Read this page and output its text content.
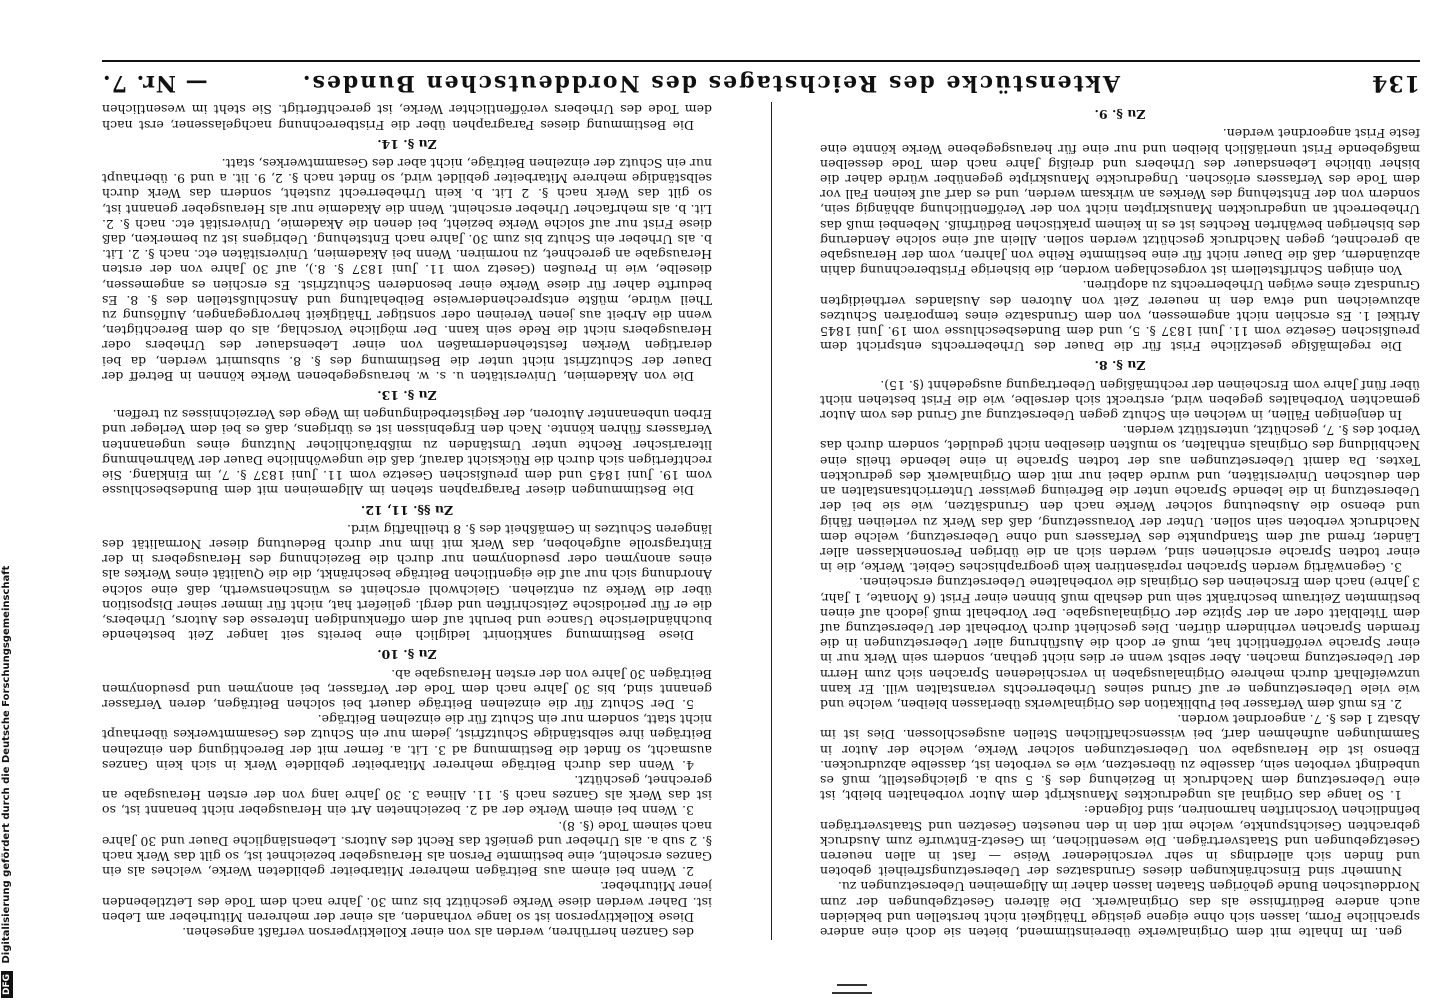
134
Aktenstücke des Reichstages des Norddeutschen Bundes.
— Nr. 7.

gen. Im Inhalte mit dem Originalwerke übereinstimmend, bieten sie doch eine andere sprachliche Form, lassen sich ohne eigene geistige Thätigkeit nicht herstellen und bekleiden auch andere Bedürfnisse als das Originalwerk. Die älteren Gesetzgebungen der zum Norddeutschen Bunde gehörigen Staaten lassen daher im Allgemeinen Uebersetzungen zu.

Nunmehr sind Einschränkungen dieses Grundsatzes der Uebersetzungsfreiheit geboten und finden sich allerdings in sehr verschiedener Weise — fast in allen neueren Gesetzgebungen und Staatsverträgen. Die wesentlichen, im Gesetz-Entwurfe zum Ausdruck gebrachten Gesichtspunkte, welche mit den in den neuesten Gesetzen und Staatsverträgen befindlichen Vorschriften harmoniren, sind folgende:

1. So lange das Original als ungedrucktes Manuskript dem Autor vorbehalten bleibt, ist eine Uebersetzung dem Nachdruck in Beziehung des §. 5 sub a. gleichgestellt, muß es unbedingt verboten sein, dasselbe zu übersetzen, wie es verboten ist, dasselbe abzudrucken. Ebenso ist die Herausgabe von Uebersetzungen solcher Werke, welche der Autor in Sammlungen aufnehmen darf, bei wissenschaftlichen Stellen ausgeschlossen. Dies ist im Absatz 1 des §. 7. angeordnet worden.

2. Es muß dem Verfasser bei Publikation des Originalwerks überlassen bleiben, welche und wie viele Uebersetzungen er auf Grund seines Urheberrechts veranstalten will. Er kann unzweifelhaft durch mehrere Originalausgaben in verschiedenen Sprachen sich zum Herrn der Uebersetzung machen. Aber selbst wenn er dies nicht gethan, sondern sein Werk nur in einer Sprache veröffentlicht hat, muß er doch die Ausführung aller Uebersetzungen in die fremden Sprachen verhindern dürfen. Dies geschieht durch Vorbehalt der Uebersetzung auf dem Titelblatt oder an der Spitze der Originalausgabe. Der Vorbehalt muß jedoch auf einen bestimmten Zeitraum beschränkt sein und deshalb muß binnen einer Frist (6 Monate, 1 Jahr, 3 Jahre) nach dem Erscheinen des Originals die vorbehaltene Uebersetzung erscheinen.

3. Gegenwärtig werden Sprachen repräsentiren kein geographisches Gebiet. Werke, die in einer todten Sprache erschienen sind, werden sich an die übrigen Personenklassen aller Länder, fremd auf dem Standpunkte des Verfassers und ohne Uebersetzung, welche dem Nachdruck verboten sein sollen. Unter der Voraussetzung, daß das Werk zu verleihen fähig und ebenso die Ausbeutung solcher Werke nach den Grundsätzen, wie sie bei der Uebersetzung in die lebende Sprache unter die Befreiung gewisser Unterrichtsanstalten an den deutschen Universitäten, und wurde dabei nur mit dem Originalwerk des gedruckten Textes. Da damit Uebersetzungen aus der todten Sprache in eine lebende theils eine Nachbildung des Originals enthalten, so mußten dieselben nicht geduldet, sondern durch das Verbot des §. 7, geschützt, unterstützt werden.

In denjenigen Fällen, in welchen ein Schutz gegen Uebersetzung auf Grund des vom Autor gemachten Vorbehaltes gegeben wird, erstreckt sich derselbe, wie die Frist bestehen nicht über fünf Jahre vom Erscheinen der rechtmäßigen Uebertragung ausgedehnt (§. 15).

Zu §. 8.

Die regelmäßige gesetzliche Frist für die Dauer des Urheberrechts entspricht dem preußischen Gesetze vom 11. Juni 1837 §. 5, und dem Bundesbeschlusse vom 19. Juni 1845 Artikel 1. Es erschien nicht angemessen, von dem Grundsatze eines temporären Schutzes abzuweichen und etwa den in neuerer Zeit von Autoren des Auslandes vertheidigten Grundsatz eines ewigen Urheberrechts zu adoptiren.

Von einigen Schriftstellern ist vorgeschlagen worden, die bisherige Fristberechnung dahin abzuändern, daß die Dauer nicht für eine bestimmte Reihe von Jahren, vom der Herausgabe ab gerechnet, gegen Nachdruck geschützt werden sollen. Allein auf eine solche Aenderung des bisherigen bewährten Rechtes ist es in keinem praktischen Bedürfniß. Nebenbei muß das Urheberrecht an ungedruckten Manuskripten nicht von der Veröffentlichung abhängig sein, sondern von der Entstehung des Werkes an wirksam werden, und es darf auf keinen Fall vor dem Tode des Verfassers erlöschen. Ungedruckte Manuskripte gegenüber würde daher die bisher übliche Lebensdauer des Urhebers und dreißig Jahre nach dem Tode desselben maßgebende Frist unerläßlich bleiben und nur eine für herausgegebene Werke könnte eine feste Frist angeordnet werden.

Zu §. 9.

des Ganzen herrühren, werden als von einer Kollektivperson verfaßt angesehen.

Diese Kollektivperson ist so lange vorhanden, als einer der mehreren Miturheber am Leben ist. Daher werden diese Werke geschützt bis zum 30. Jahre nach dem Tode des Letztlebenden jener Miturheber.

2. Wenn bei einem aus Beiträgen mehrerer Mitarbeiter gebildeten Werke, welches als ein Ganzes erscheint, eine bestimmte Person als Herausgeber bezeichnet ist, so gilt das Werk nach §. 2 sub a. als Urheber und genießt das Recht des Autors. Lebenslängliche Dauer und 30 Jahre nach seinem Tode (§. 8).

3. Wenn bei einem Werke der ad 2. bezeichneten Art ein Herausgeber nicht benannt ist, so ist das Werk als Ganzes nach §. 11. Alinea 3. 30 Jahre lang von der ersten Herausgabe an gerechnet, geschützt.

4. Wenn das durch Beiträge mehrerer Mitarbeiter gebildete Werk in sich kein Ganzes ausmacht, so findet die Bestimmung ad 3. Lit. a. ferner mit der Berechtigung den einzelnen Beiträgen ihre selbständige Schutzfrist, jedem nur ein Schutz des Gesammtwerkes überhaupt nicht statt, sondern nur ein Schutz für die einzelnen Beiträge.

5. Der Schutz für die einzelnen Beiträge dauert bei solchen Beiträgen, deren Verfasser genannt sind, bis 30 Jahre nach dem Tode der Verfasser, bei anonymen und pseudonymen Beiträgen 30 Jahre von der ersten Herausgabe ab.

Zu §. 10.

Diese Bestimmung sanktionirt lediglich eine bereits seit langer Zeit bestehende buchhändlerische Usance und beruht auf dem offenkundigen Interesse des Autors, Urhebers, die er für periodische Zeitschriften und dergl. geliefert hat, nicht für immer seiner Disposition über die Werke zu entziehen. Gleichwohl erscheint es wünschenswerth, daß eine solche Anordnung sich nur auf die eigentlichen Beiträge beschränkt, die die Qualität eines Werkes als eines anonymen oder pseudonymen nur durch die Bezeichnung des Herausgebers in der Eintragsrolle aufgehoben, das Werk mit ihm nur durch Bedeutung dieser Normalität des längeren Schutzes in Gemäßheit des §. 8 theilhaftig wird.

Zu §§. 11, 12.

Die Bestimmungen dieser Paragraphen stehen im Allgemeinen mit dem Bundesbeschlusse vom 19. Juni 1845 und dem preußischen Gesetze vom 11. Juni 1837 §. 7, im Einklang. Sie rechtfertigen sich durch die Rücksicht darauf, daß die ungewöhnliche Dauer der Wahrnehmung literarischer Rechte unter Umständen zu mißbräuchlicher Nutzung eines ungenannten Verfassers führen könnte. Nach den Ergebnissen ist es übrigens, daß es bei dem Verleger und Erben unbenannter Autoren, der Registerbedingungen im Wege des Verzeichnisses zu treffen.

Zu §. 13.

Die von Akademien, Universitäten u. s. w. herausgegebenen Werke können in Betreff der Dauer der Schutzfrist nicht unter die Bestimmung des §. 8. subsumirt werden, da bei derartigen Werken feststehendermaßen von einer Lebensdauer des Urhebers oder Herausgebers nicht die Rede sein kann. Der mögliche Vorschlag, als ob dem Berechtigten, wenn die Arbeit aus jenen Vereinen oder sonstiger Thätigkeit hervorgegangen, Auflösung zu Theil würde, müßte entsprechenderweise Beibehaltung und Anschlußstellen des §. 8. Es bedurfte daher für diese Werke einer besonderen Schutzfrist. Es erschien es angemessen, dieselbe, wie in Preußen (Gesetz vom 11. Juni 1837 §. 8.), auf 30 Jahre von der ersten Herausgabe an gerechnet, zu normiren. Wenn bei Akademien, Universitäten etc. nach §. 2. Lit. b. als Urheber ein Schutz bis zum 30. Jahre nach Entstehung. Uebrigens ist zu bemerken, daß diese Frist nur auf solche Werke bezieht, bei denen die Akademie, Universität etc. nach §. 2. Lit. b. als mehrfacher Urheber erscheint. Wenn die Akademie nur als Herausgeber genannt ist, so gilt das Werk nach §. 2 Lit. b. kein Urheberrecht zusteht, sondern das Werk durch selbständige mehrere Mitarbeiter gebildet wird, so findet nach §. 2, 9. lit. a und 9. überhaupt nur ein Schutz der einzelnen Beiträge, nicht aber des Gesammtwerkes, statt.

Zu §. 14.

Die Bestimmung dieses Paragraphen über die Fristberechnung nachgelassener, erst nach dem Tode des Urhebers veröffentlichter Werke, ist gerechtfertigt. Sie steht im wesentlichen

DFG Digitalisierung gefördert durch die Deutsche Forschungsgemeinschaft
